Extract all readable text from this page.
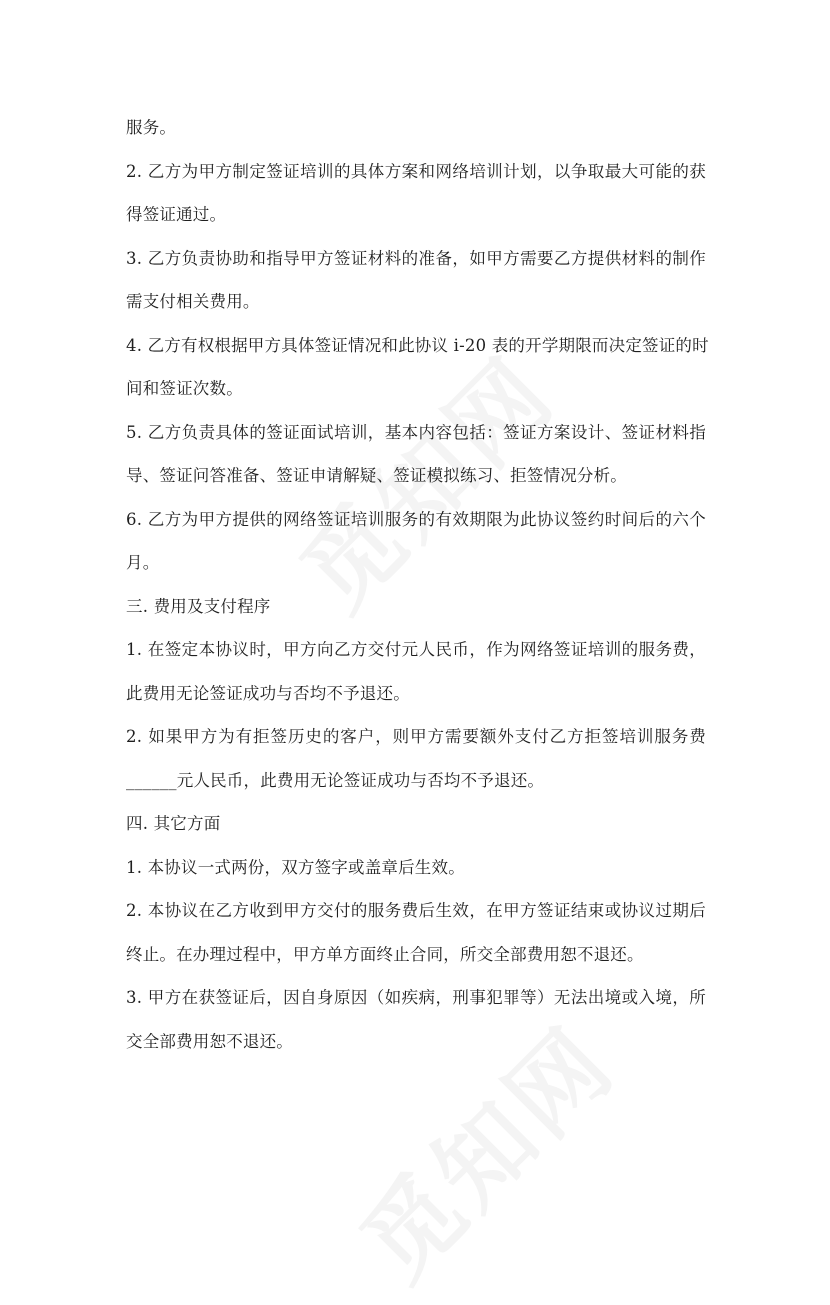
服务。
2. 乙方为甲方制定签证培训的具体方案和网络培训计划，以争取最大可能的获
得签证通过。
3. 乙方负责协助和指导甲方签证材料的准备，如甲方需要乙方提供材料的制作
需支付相关费用。
4. 乙方有权根据甲方具体签证情况和此协议 i-20 表的开学期限而决定签证的时
间和签证次数。
5. 乙方负责具体的签证面试培训，基本内容包括：签证方案设计、签证材料指
导、签证问答准备、签证申请解疑、签证模拟练习、拒签情况分析。
6. 乙方为甲方提供的网络签证培训服务的有效期限为此协议签约时间后的六个
月。
三. 费用及支付程序
1. 在签定本协议时，甲方向乙方交付元人民币，作为网络签证培训的服务费，
此费用无论签证成功与否均不予退还。
2. 如果甲方为有拒签历史的客户，则甲方需要额外支付乙方拒签培训服务费
______元人民币，此费用无论签证成功与否均不予退还。
四. 其它方面
1. 本协议一式两份，双方签字或盖章后生效。
2. 本协议在乙方收到甲方交付的服务费后生效，在甲方签证结束或协议过期后
终止。在办理过程中，甲方单方面终止合同，所交全部费用恕不退还。
3. 甲方在获签证后，因自身原因（如疾病，刑事犯罪等）无法出境或入境，所
交全部费用恕不退还。
